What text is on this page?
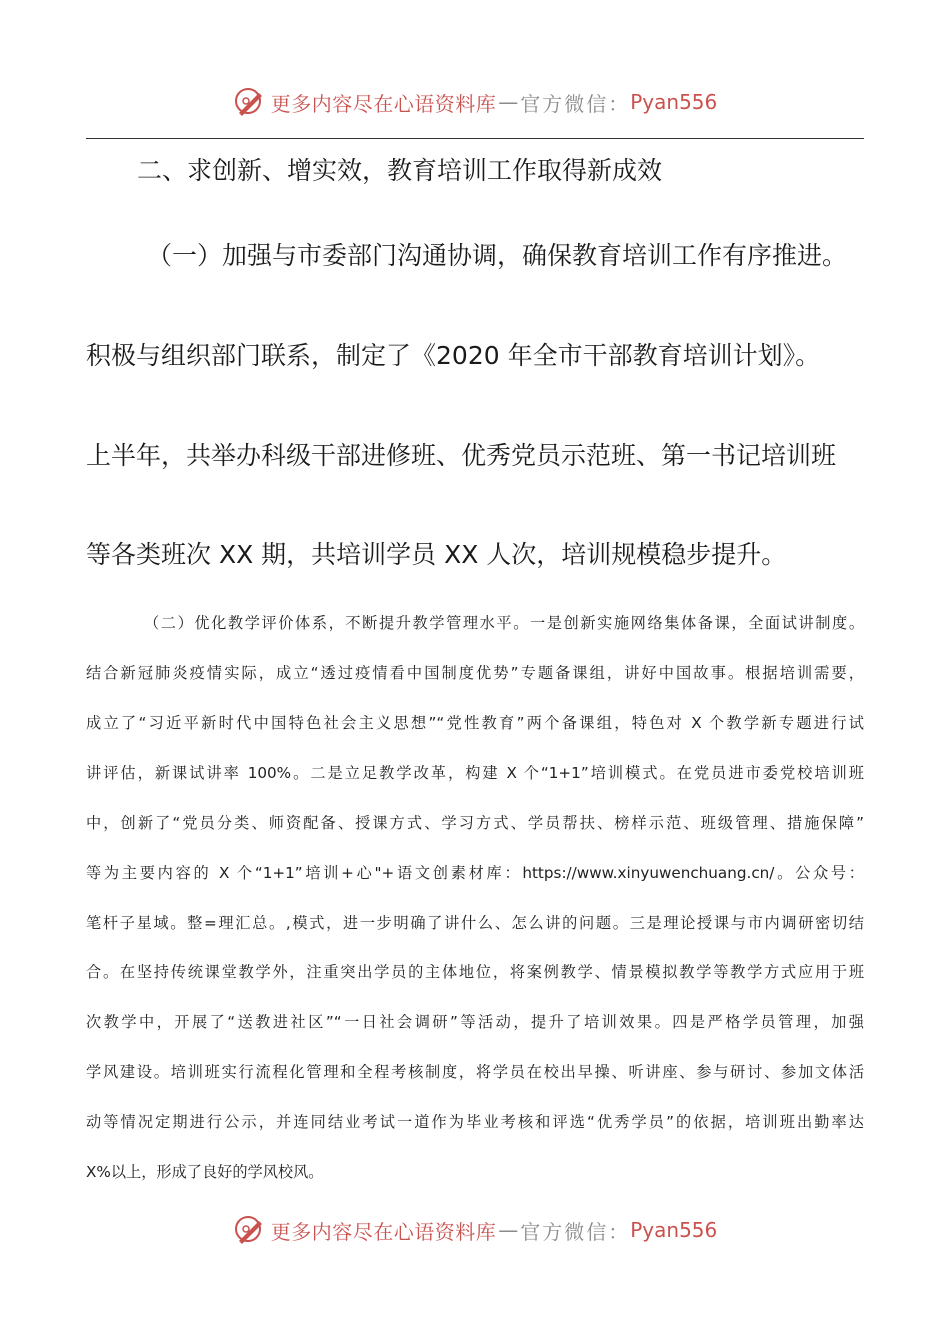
更多内容尽在心语资料库 — 官方微信： Pyan556
二、求创新、增实效，教育培训工作取得新成效
（一）加强与市委部门沟通协调，确保教育培训工作有序推进。
积极与组织部门联系，制定了《2020 年全市干部教育培训计划》。
上半年，共举办科级干部进修班、优秀党员示范班、第一书记培训班
等各类班次 XX 期，共培训学员 XX 人次，培训规模稳步提升。
（二）优化教学评价体系，不断提升教学管理水平。一是创新实施网络集体备课，全面试讲制度。
结合新冠肺炎疫情实际，成立“透过疫情看中国制度优势”专题备课组，讲好中国故事。根据培训需要，
成立了“习近平新时代中国特色社会主义思想”“党性教育”两个备课组，特色对 X 个教学新专题进行试
讲评估，新课试讲率 100%。二是立足教学改革，构建 X 个“1+1”培训模式。在党员进市委党校培训班
中，创新了“党员分类、师资配备、授课方式、学习方式、学员帮扶、榜样示范、班级管理、措施保障”
等为主要内容的 X 个“1+1”培训+心"+语文创素材库：https://www.xinyuwenchuang.cn/。公众号：
笔杆子星域。整=理汇总。,模式，进一步明确了讲什么、怎么讲的问题。三是理论授课与市内调研密切结
合。在坚持传统课堂教学外，注重突出学员的主体地位，将案例教学、情景模拟教学等教学方式应用于班
次教学中，开展了“送教进社区”“一日社会调研”等活动，提升了培训效果。四是严格学员管理，加强
学风建设。培训班实行流程化管理和全程考核制度，将学员在校出早操、听讲座、参与研讨、参加文体活
动等情况定期进行公示，并连同结业考试一道作为毕业考核和评选“优秀学员”的依据，培训班出勤率达
X%以上，形成了良好的学风校风。
更多内容尽在心语资料库 — 官方微信： Pyan556
